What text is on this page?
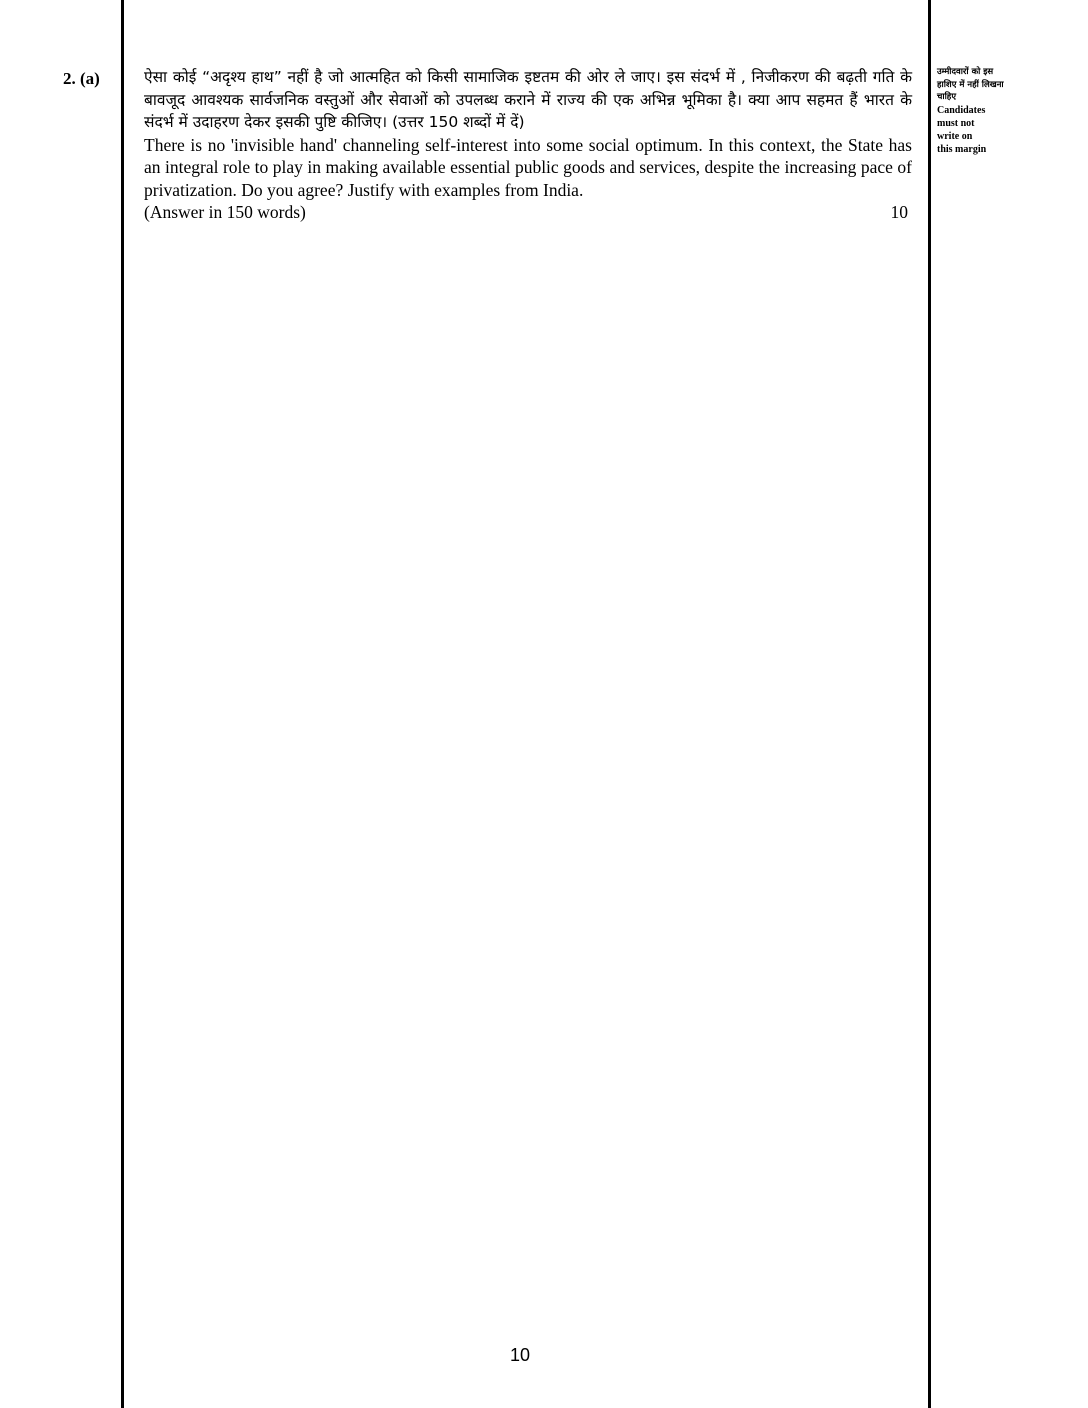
2. (a)	ऐसा कोई “अदृश्य हाथ” नहीं है जो आत्महित को किसी सामाजिक इष्टतम की ओर ले जाए। इस संदर्भ में , निजीकरण की बढ़ती गति के बावजूद आवश्यक सार्वजनिक वस्तुओं और सेवाओं को उपलब्ध कराने में राज्य की एक अभिन्न भूमिका है। क्या आप सहमत हैं भारत के संदर्भ में उदाहरण देकर इसकी पुष्टि कीजिए। (उत्तर 150 शब्दों में दें)

There is no 'invisible hand' channeling self-interest into some social optimum. In this context, the State has an integral role to play in making available essential public goods and services, despite the increasing pace of privatization. Do you agree? Justify with examples from India.

(Answer in 150 words)	10

उम्मीदवारों को इस हाशिए में नहीं लिखना चाहिए

Candidates

must not

write on

this margin

10
